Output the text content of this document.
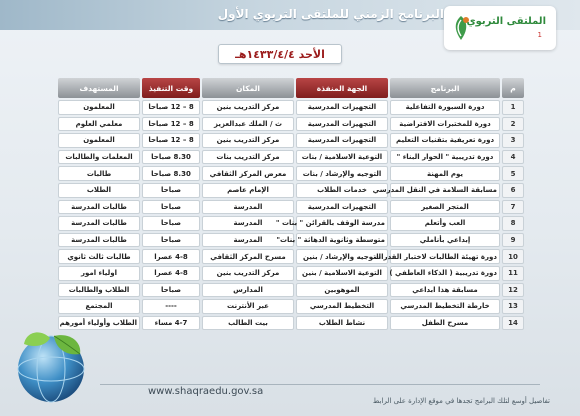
البرنامج الزمني للملتقى التربوي الأول
الملتقى التربوي
1
الأحد ١٤٣٣/٤/٤هـ
م	البرنامج	الجهة المنفذة	المكان	وقت التنفيذ	المستهدف
1	دورة السبورة التفاعلية	التجهيزات المدرسية	مركز التدريب بنين	8 – 12 صباحا	المعلمون
2	دورة للمختبرات الافتراضية	التجهيزات المدرسية	ث / الملك عبدالعزيز	8 – 12 صباحا	معلمي العلوم
3	دورة تعريفية بتقنيات التعليم	التجهيزات المدرسية	مركز التدريب بنين	8 – 12 صباحا	المعلمون
4	دورة تدريبية " الحوار البناء "	التوعية الاسلامية / بنات	مركز التدريب بنات	8.30 صباحا	المعلمات والطالبات
5	يوم المهنة	التوجيه والإرشاد / بنات	معرض المركز الثقافي	8.30 صباحا	طالبات
6	مسابقة السلامة في النقل المدرسي	خدمات الطلاب	الإمام عاصم	صباحا	الطلاب
7	المتجر الصغير	التجهيزات المدرسية	المدرسة	صباحا	طالبات المدرسة
8	العب وأتعلم	مدرسة الوقف بالقرائن " بنات "	المدرسة	صباحا	طالبات المدرسة
9	إبداعي بأناملي	متوسطة وثانوية الدهاثة " بنات"	المدرسة	صباحا	طالبات المدرسة
10	دورة تهيئة الطالبات لاختبار القدرات	التوجيه والإرشاد / بنين	مسرح المركز الثقافي	4-8 عصرا	طالبات ثالث ثانوي
11	دورة تدريبية ( الذكاء العاطفي )	التوعية الاسلامية / بنين	مركز التدريب بنين	4-8 عصرا	اولياء امور
12	مسابقة هذا ابداعي	الموهوبين	المدارس	صباحا	الطلاب والطالبات
13	خارطة التخطيط المدرسي	التخطيط المدرسي	عبر الأنترنت	----	المجتمع
14	مسرح الطفل	نشاط الطلاب	بيت الطالب	4-7 مساء	الطلاب وأولياء أمورهم
www.shaqraedu.gov.sa
تفاصيل أوسع لتلك البرامج تجدها في موقع الإدارة على الرابط
